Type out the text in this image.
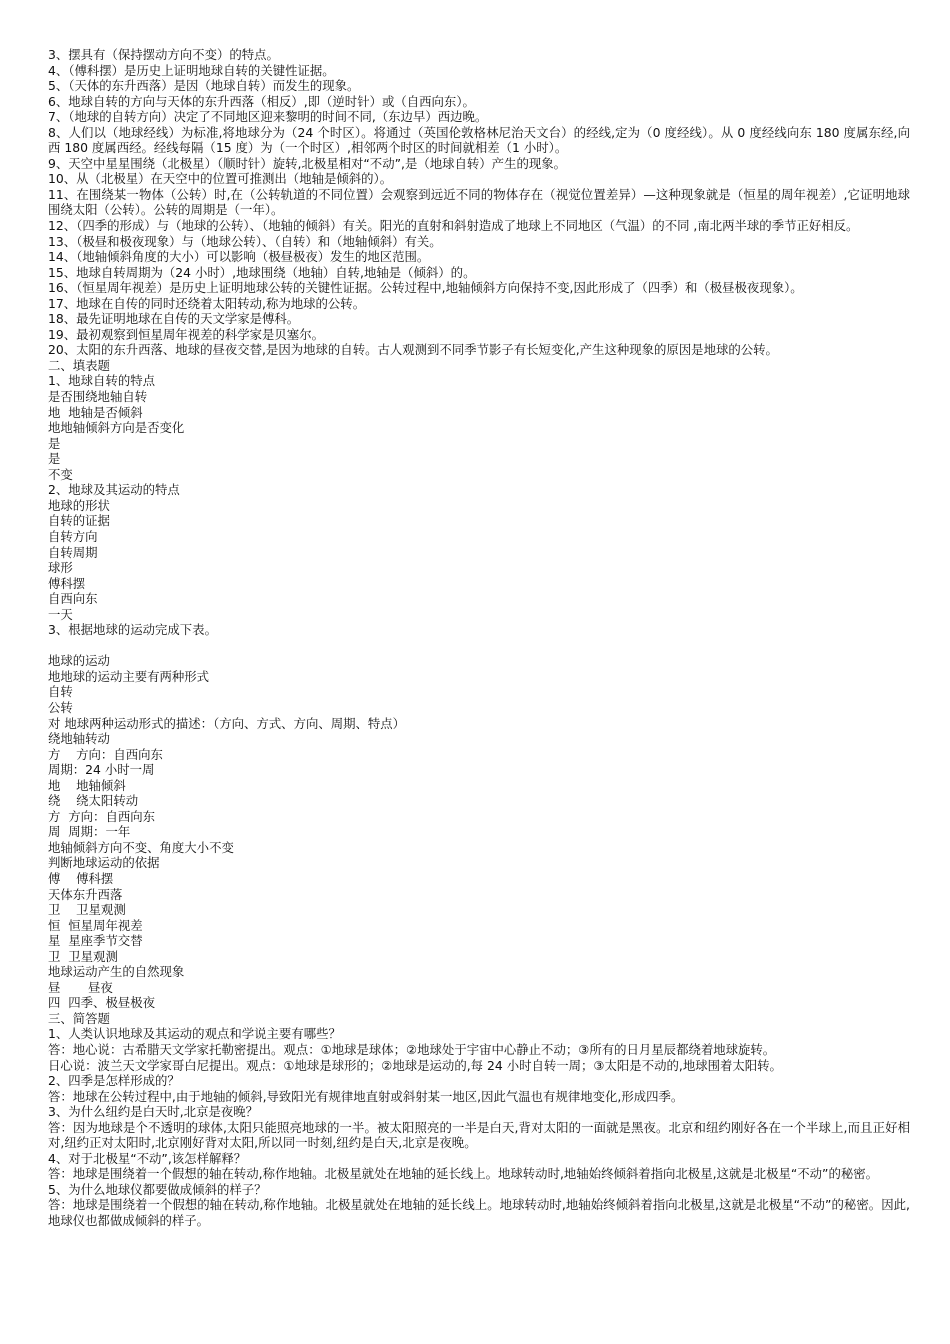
3、摆具有（保持摆动方向不变）的特点。

4、（傅科摆）是历史上证明地球自转的关键性证据。

5、（天体的东升西落）是因（地球自转）而发生的现象。

6、地球自转的方向与天体的东升西落（相反）,即（逆时针）或（自西向东）。

7、（地球的自转方向）决定了不同地区迎来黎明的时间不同,（东边早）西边晚。

8、人们以（地球经线）为标准,将地球分为（24 个时区）。将通过（英国伦敦格林尼治天文台）的经线,定为（0 度经线）。从 0 度经线向东 180 度属东经,向西 180 度属西经。经线每隔（15 度）为（一个时区）,相邻两个时区的时间就相差（1 小时）。

9、天空中星星围绕（北极星）（顺时针）旋转,北极星相对“不动”,是（地球自转）产生的现象。

10、从（北极星）在天空中的位置可推测出（地轴是倾斜的）。

11、在围绕某一物体（公转）时,在（公转轨道的不同位置）会观察到远近不同的物体存在（视觉位置差异）—这种现象就是（恒星的周年视差）,它证明地球围绕太阳（公转）。公转的周期是（一年）。

12、（四季的形成）与（地球的公转）、（地轴的倾斜）有关。阳光的直射和斜射造成了地球上不同地区（气温）的不同 ,南北两半球的季节正好相反。

13、（极昼和极夜现象）与（地球公转）、（自转）和（地轴倾斜）有关。

14、（地轴倾斜角度的大小）可以影响（极昼极夜）发生的地区范围。

15、地球自转周期为（24 小时）,地球围绕（地轴）自转,地轴是（倾斜）的。

16、（恒星周年视差）是历史上证明地球公转的关键性证据。公转过程中,地轴倾斜方向保持不变,因此形成了（四季）和（极昼极夜现象）。

17、地球在自传的同时还绕着太阳转动,称为地球的公转。

18、最先证明地球在自传的天文学家是傅科。

19、最初观察到恒星周年视差的科学家是贝塞尔。

20、太阳的东升西落、地球的昼夜交替,是因为地球的自转。古人观测到不同季节影子有长短变化,产生这种现象的原因是地球的公转。

二、填表题

1、地球自转的特点

是否围绕地轴自转

地  地轴是否倾斜

地地轴倾斜方向是否变化

是

是

不变

2、地球及其运动的特点

地球的形状

自转的证据

自转方向

自转周期

球形

傅科摆

自西向东

一天

3、根据地球的运动完成下表。

地球的运动

地地球的运动主要有两种形式

自转

公转

对 地球两种运动形式的描述：（方向、方式、方向、周期、特点）

绕地轴转动

方    方向：自西向东

周期：24 小时一周

地    地轴倾斜

绕    绕太阳转动

方  方向：自西向东

周  周期：一年

地轴倾斜方向不变、角度大小不变

判断地球运动的依据

傅    傅科摆

天体东升西落

卫    卫星观测

恒  恒星周年视差

星  星座季节交替

卫  卫星观测

地球运动产生的自然现象

昼       昼夜

四  四季、极昼极夜

三、简答题

1、人类认识地球及其运动的观点和学说主要有哪些？

答：地心说：古希腊天文学家托勒密提出。观点：①地球是球体；②地球处于宇宙中心静止不动；③所有的日月星辰都绕着地球旋转。

日心说：波兰天文学家哥白尼提出。观点：①地球是球形的；②地球是运动的,每 24 小时自转一周；③太阳是不动的,地球围着太阳转。

2、四季是怎样形成的？

答：地球在公转过程中,由于地轴的倾斜,导致阳光有规律地直射或斜射某一地区,因此气温也有规律地变化,形成四季。

3、为什么纽约是白天时,北京是夜晚？

答：因为地球是个不透明的球体,太阳只能照亮地球的一半。被太阳照亮的一半是白天,背对太阳的一面就是黑夜。北京和纽约刚好各在一个半球上,而且正好相对,纽约正对太阳时,北京刚好背对太阳,所以同一时刻,纽约是白天,北京是夜晚。

4、对于北极星“不动”,该怎样解释？

答：地球是围绕着一个假想的轴在转动,称作地轴。北极星就处在地轴的延长线上。地球转动时,地轴始终倾斜着指向北极星,这就是北极星“不动”的秘密。

5、为什么地球仪都要做成倾斜的样子？

答：地球是围绕着一个假想的轴在转动,称作地轴。北极星就处在地轴的延长线上。地球转动时,地轴始终倾斜着指向北极星,这就是北极星“不动”的秘密。因此,地球仪也都做成倾斜的样子。
